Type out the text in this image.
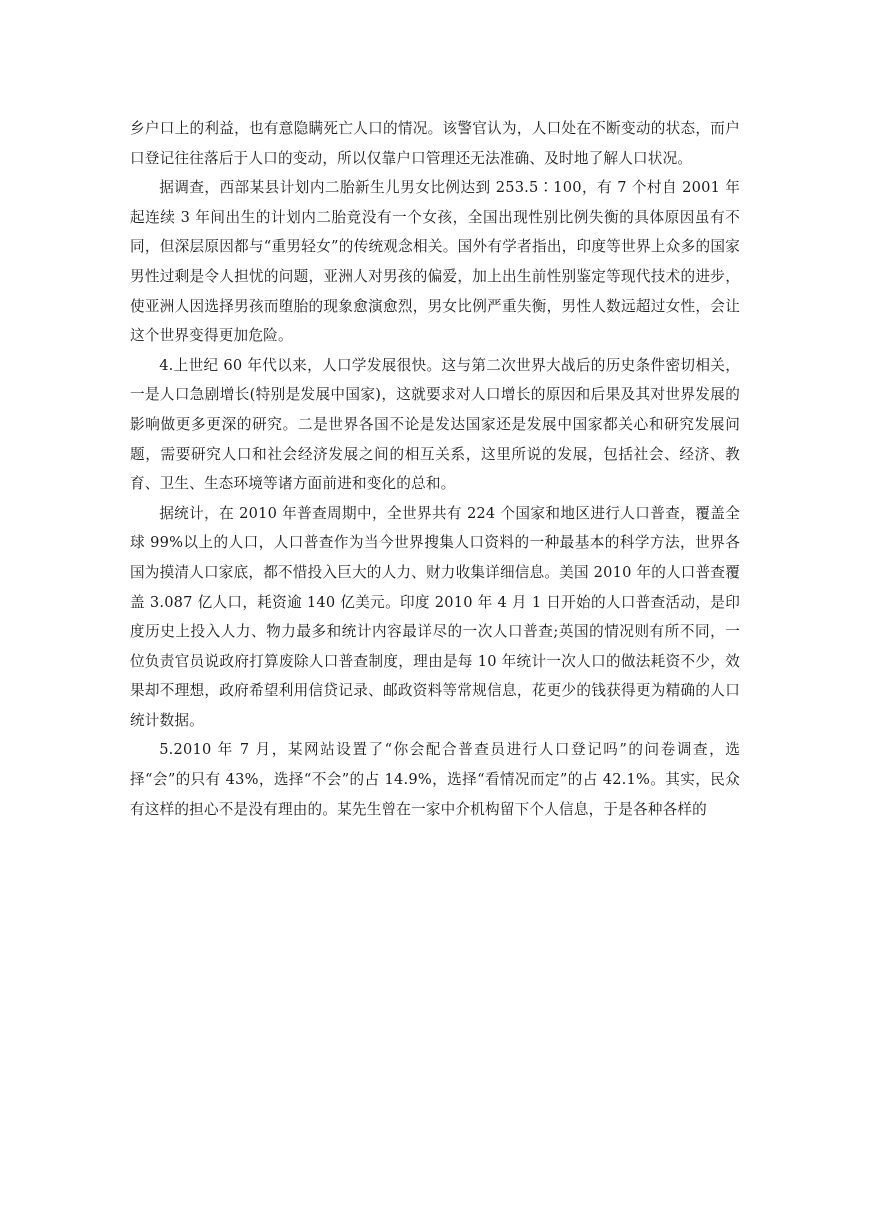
乡户口上的利益，也有意隐瞒死亡人口的情况。该警官认为，人口处在不断变动的状态，而户口登记往往落后于人口的变动，所以仅靠户口管理还无法准确、及时地了解人口状况。

据调查，西部某县计划内二胎新生儿男女比例达到 253.5∶100，有 7 个村自 2001 年起连续 3 年间出生的计划内二胎竟没有一个女孩，全国出现性别比例失衡的具体原因虽有不同，但深层原因都与“重男轻女”的传统观念相关。国外有学者指出，印度等世界上众多的国家男性过剩是令人担忧的问题，亚洲人对男孩的偏爱，加上出生前性别鉴定等现代技术的进步，使亚洲人因选择男孩而堕胎的现象愈演愈烈，男女比例严重失衡，男性人数远超过女性，会让这个世界变得更加危险。

4.上世纪 60 年代以来，人口学发展很快。这与第二次世界大战后的历史条件密切相关，一是人口急剧增长(特别是发展中国家)，这就要求对人口增长的原因和后果及其对世界发展的影响做更多更深的研究。二是世界各国不论是发达国家还是发展中国家都关心和研究发展问题，需要研究人口和社会经济发展之间的相互关系，这里所说的发展，包括社会、经济、教育、卫生、生态环境等诸方面前进和变化的总和。

据统计，在 2010 年普查周期中，全世界共有 224 个国家和地区进行人口普查，覆盖全球 99%以上的人口，人口普查作为当今世界搜集人口资料的一种最基本的科学方法，世界各国为摸清人口家底，都不惜投入巨大的人力、财力收集详细信息。美国 2010 年的人口普查覆盖 3.087 亿人口，耗资逾 140 亿美元。印度 2010 年 4 月 1 日开始的人口普查活动，是印度历史上投入人力、物力最多和统计内容最详尽的一次人口普查;英国的情况则有所不同，一位负责官员说政府打算废除人口普查制度，理由是每 10 年统计一次人口的做法耗资不少，效果却不理想，政府希望利用信贷记录、邮政资料等常规信息，花更少的钱获得更为精确的人口统计数据。

5.2010 年 7 月，某网站设置了“你会配合普查员进行人口登记吗”的问卷调查，选择“会”的只有 43%，选择“不会”的占 14.9%，选择“看情况而定”的占 42.1%。其实，民众有这样的担心不是没有理由的。某先生曾在一家中介机构留下个人信息，于是各种各样的
